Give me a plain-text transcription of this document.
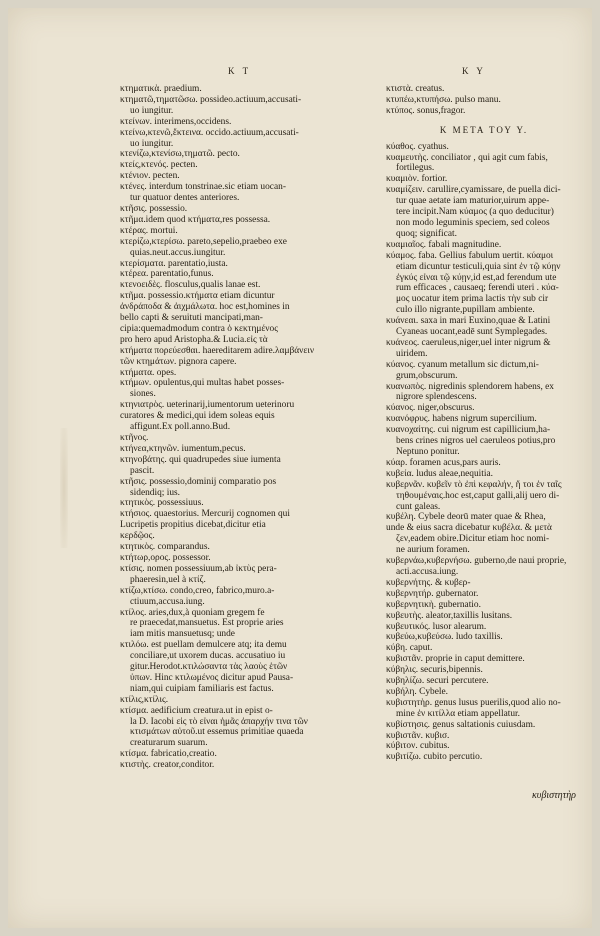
K T	K Y
κτηματικὰ. praedium.
κτηματῶ,τηματῶσω. possideo.actiuum,accusati-
uo iungitur.
κτείνων. interimens,occidens.
κτείνω,κτενῶ,ἔκτεινα. occido.actiuum,accusati-
uo iungitur.
κτενίζω,κτενίσω,τηματῶ. pecto.
κτείς,κτενός. pecten.
κτένιον. pecten.
* κτένες. interdum tonstrinae.sic etiam uocan-
tur quatuor dentes anteriores.
κτῆσις. possessio.
κτῆμα.idem quod κτήματα,res possessa.
κτέρας. mortui.
κτερίζω,κτερίσω. pareto,sepelio,praebeo exe
quias.neut.accus.iungitur.
κτερίσματα. parentatio,iusta.
κτέρεα. parentatio,funus.
* κτενοειδὲς. flosculus,qualis lanae est.
* κτῆμα. possessio.κτήματα etiam dicuntur
ἀνδράποδα & ἀιχμάλωτα. hoc est,homines in
bello capti & seruituti mancipati,man-
cipia:quemadmodum contra ὁ κεκτημένος
pro hero apud Aristopha.& Lucia.εἰς τὰ
κτήματα πορεύεσθαι. haereditarem adire.λαμβάνειν
τῶν κτημάτων. pignora capere.
κτήματα. opes.
* κτήμων. opulentus,qui multas habet posses-
siones.
κτηνιατρὸς. ueterinarij,iumentorum ueterinoru
* curatores & medici,qui idem soleas equis
affigunt.Ex poll.anno.Bud.
κτῆνος.
κτήνεα,κτηνῶν. iumentum,pecus.
κτηνοβάτης. qui quadrupedes siue iumenta
pascit.
* κτῆσις. possessio,dominij comparatio pos
sidendiq; ius.
κτητικὸς. possessiuus.
* κτήσιος. quaestorius. Mercurij cognomen qui
Lucripetis propitius dicebat,dicitur etia
κερδῷος.
κτητικὸς. comparandus.
κτήτωρ,ορος. possessor.
κτίσις. nomen possessiuum,ab ἰκτὺς pera-
phaeresin,uel à κτίζ.
κτίζω,κτίσω. condo,creo, fabrico,muro.a-
ctiuum,accusa.iung.
* κτίλος. aries,dux,à quoniam gregem fe
re praecedat,mansuetus. Est proprie aries
iam mitis mansuetusq; unde
* κτιλόω. est puellam demulcere atq; ita demu
conciliare,ut uxorem ducas. accusatiuo iu
gitur.Herodot.κτιλώσαντα τὰς λαοὺς ἑτῶν
ὑπων. Hinc κτιλωμένος dicitur apud Pausa-
niam,qui cuipiam familiaris est factus.
κτίλις,κτίλις.
* κτίσμα. aedificium creatura.ut in epist o-
la D. Iacobi εἰς τὸ εἶναι ἡμᾶς ἀπαρχήν τινα τῶν
κτισμάτων αὐτοῦ.ut essemus primitiae quaeda
creaturarum suarum.
κτίσμα. fabricatio,creatio.
κτιστὴς. creator,conditor.
κτιστὰ. creatus.
κτυπέω,κτυπήσω. pulso manu.
κτύπος. sonus,fragor.
K ΜΕΤΑ ΤΟΥ Υ.
κύαθος. cyathus.
κυαμευτὴς. conciliator , qui agit cum fabis,
fortilegus.
κυαμιὸν. fortior.
* κυαμίζειν. carullire,cyamissare, de puella dici-
tur quae aetate iam maturior,uirum appe-
tere incipit.Nam κύαμος (a quo deducitur)
non modo leguminis speciem, sed coleos
quoq; significat.
κυαμιαῖος. fabali magnitudine.
* κύαμος. faba. Gellius fabulum uertit. κύαμοι
etiam dicuntur testiculi,quia sint ἐν τῷ κύῃν
ἐγκύς εἶναι τῷ κύῃν,id est,ad ferendum ute
rum efficaces , causaeq; ferendi uteri . κύα-
μος uocatur item prima lactis τὴν sub cir
culo illo nigrante,pupillam ambiente.
κυάνεαι. saxa in mari Euxino,quae & Latini
Cyaneas uocant,eadē sunt Symplegades.
κυάνεος. caeruleus,niger,uel inter nigrum &
uiridem.
* κύανος. cyanum metallum sic dictum,ni-
grum,obscurum.
* κυανωπὸς. nigredinis splendorem habens, ex
nigrore splendescens.
κύανος. niger,obscurus.
κυανόφρυς. habens nigrum supercilium.
* κυανοχαίτης. cui nigrum est capillicium,ha-
bens crines nigros uel caeruleos potius,pro
Neptuno ponitur.
κύαρ. foramen acus,pars auris.
κυβεία. ludus aleae,nequitia.
κυβερνᾶν. κυβεῖν τὸ ἐπὶ κεφαλήν, ἤ τοι ἐν ταῖς
τηθουμέναις.hoc est,caput galli,alij uero di-
cunt galeas.
κυβέλη. Cybele deorū mater quae & Rhea,
* unde & eius sacra dicebatur κυβέλα. & μετὰ
ζεν,eadem obire.Dicitur etiam hoc nomi-
ne aurium foramen.
* κυβερνάω,κυβερνήσω. guberno,de naui proprie,
acti.accusa.iung.
κυβερνήτης. & κυβερ-
κυβερνητήρ. gubernator.
κυβερνητικὴ. gubernatio.
κυβευτὴς. aleator,taxillis lusitans.
κυβευτικός. lusor alearum.
κυβεύω,κυβεύσω. ludo taxillis.
* κύβη. caput.
κυβιστᾶν. proprie in caput demittere.
κύβηλις. securis,bipennis.
κυβηλίζω. securi percutere.
κυβήλη. Cybele.
κυβιστητὴρ. genus lusus puerilis,quod alio no-
mine ἐν κιτίλλα etiam appellatur.
κυβίστησις. genus saltationis cuiusdam.
κυβιστᾶν. κυβισ.
κύβιτον. cubitus.
κυβιτίζω. cubito percutio.
κυβιστητὴρ
